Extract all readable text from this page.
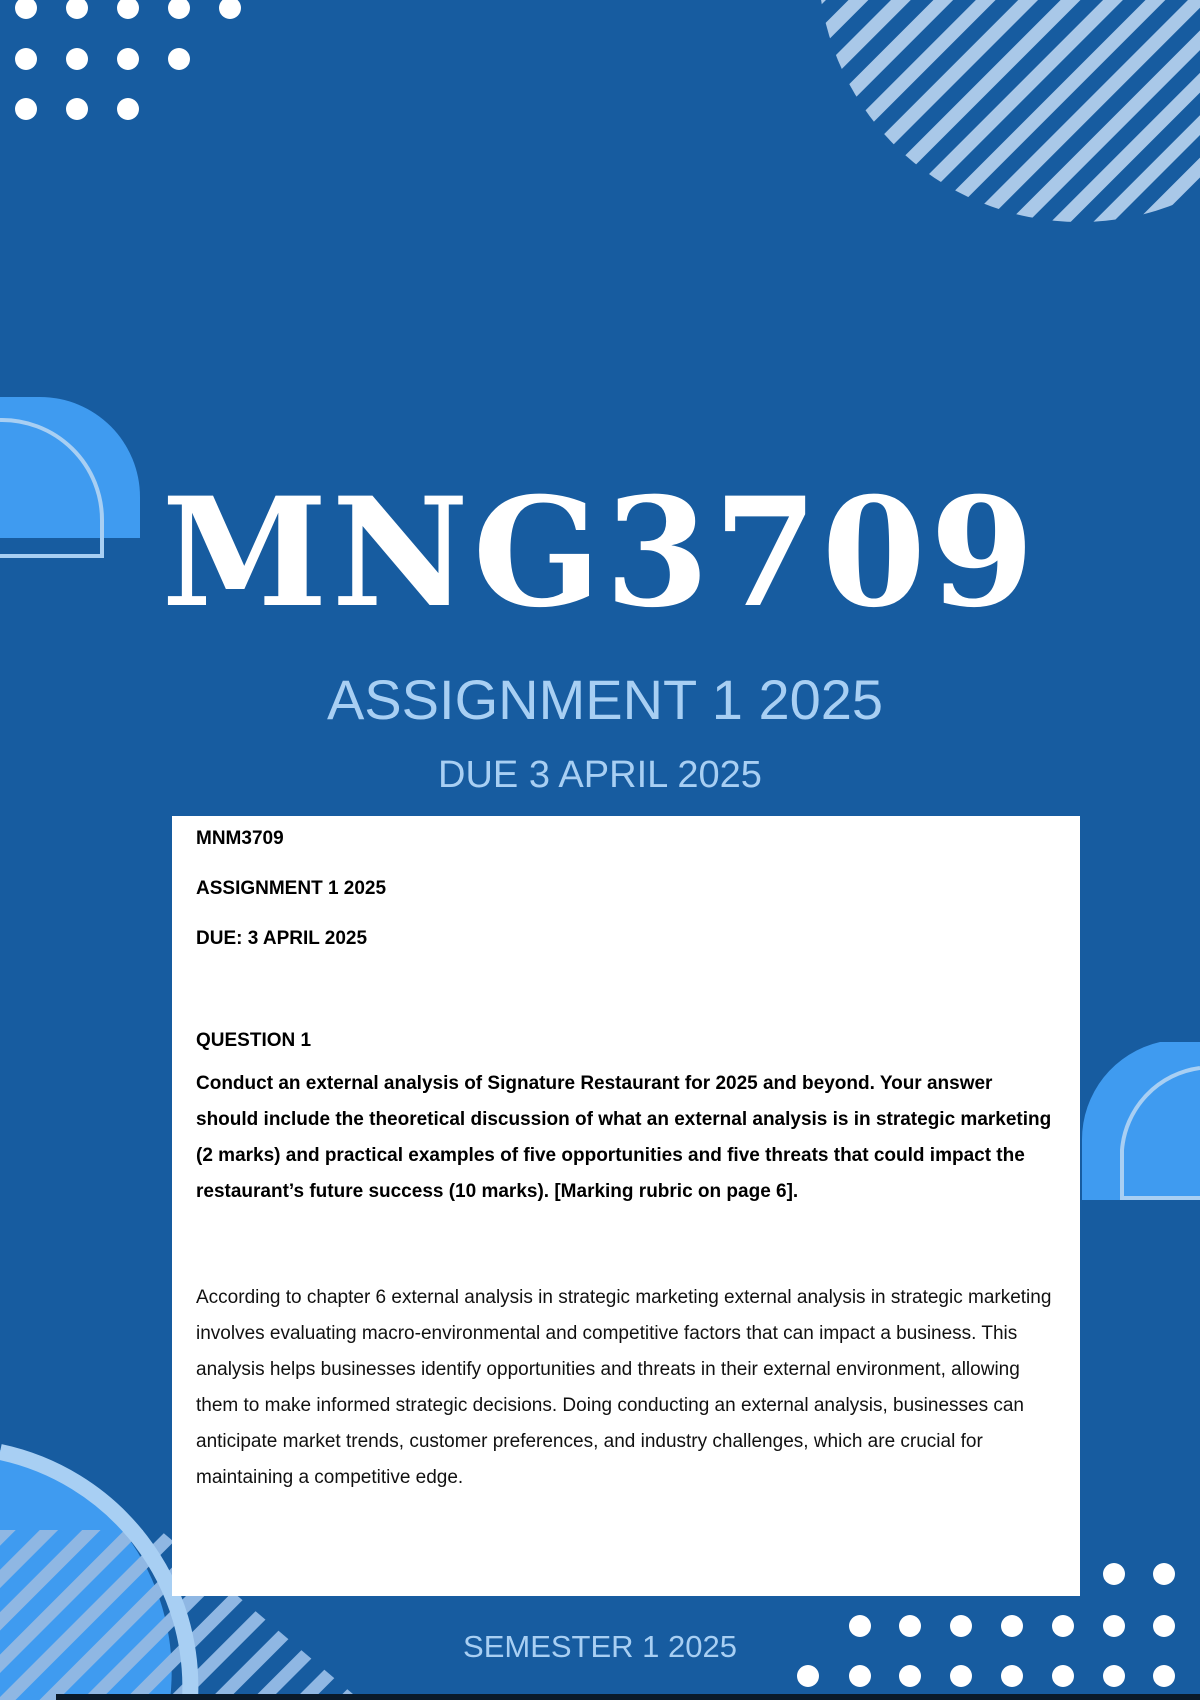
MNG3709
ASSIGNMENT 1 2025
DUE 3 APRIL 2025

MNM3709

ASSIGNMENT 1 2025

DUE: 3 APRIL 2025

QUESTION 1

Conduct an external analysis of Signature Restaurant for 2025 and beyond. Your answer should include the theoretical discussion of what an external analysis is in strategic marketing (2 marks) and practical examples of five opportunities and five threats that could impact the restaurant’s future success (10 marks). [Marking rubric on page 6].

According to chapter 6 external analysis in strategic marketing external analysis in strategic marketing involves evaluating macro-environmental and competitive factors that can impact a business. This analysis helps businesses identify opportunities and threats in their external environment, allowing them to make informed strategic decisions. Doing conducting an external analysis, businesses can anticipate market trends, customer preferences, and industry challenges, which are crucial for maintaining a competitive edge.

SEMESTER 1 2025
